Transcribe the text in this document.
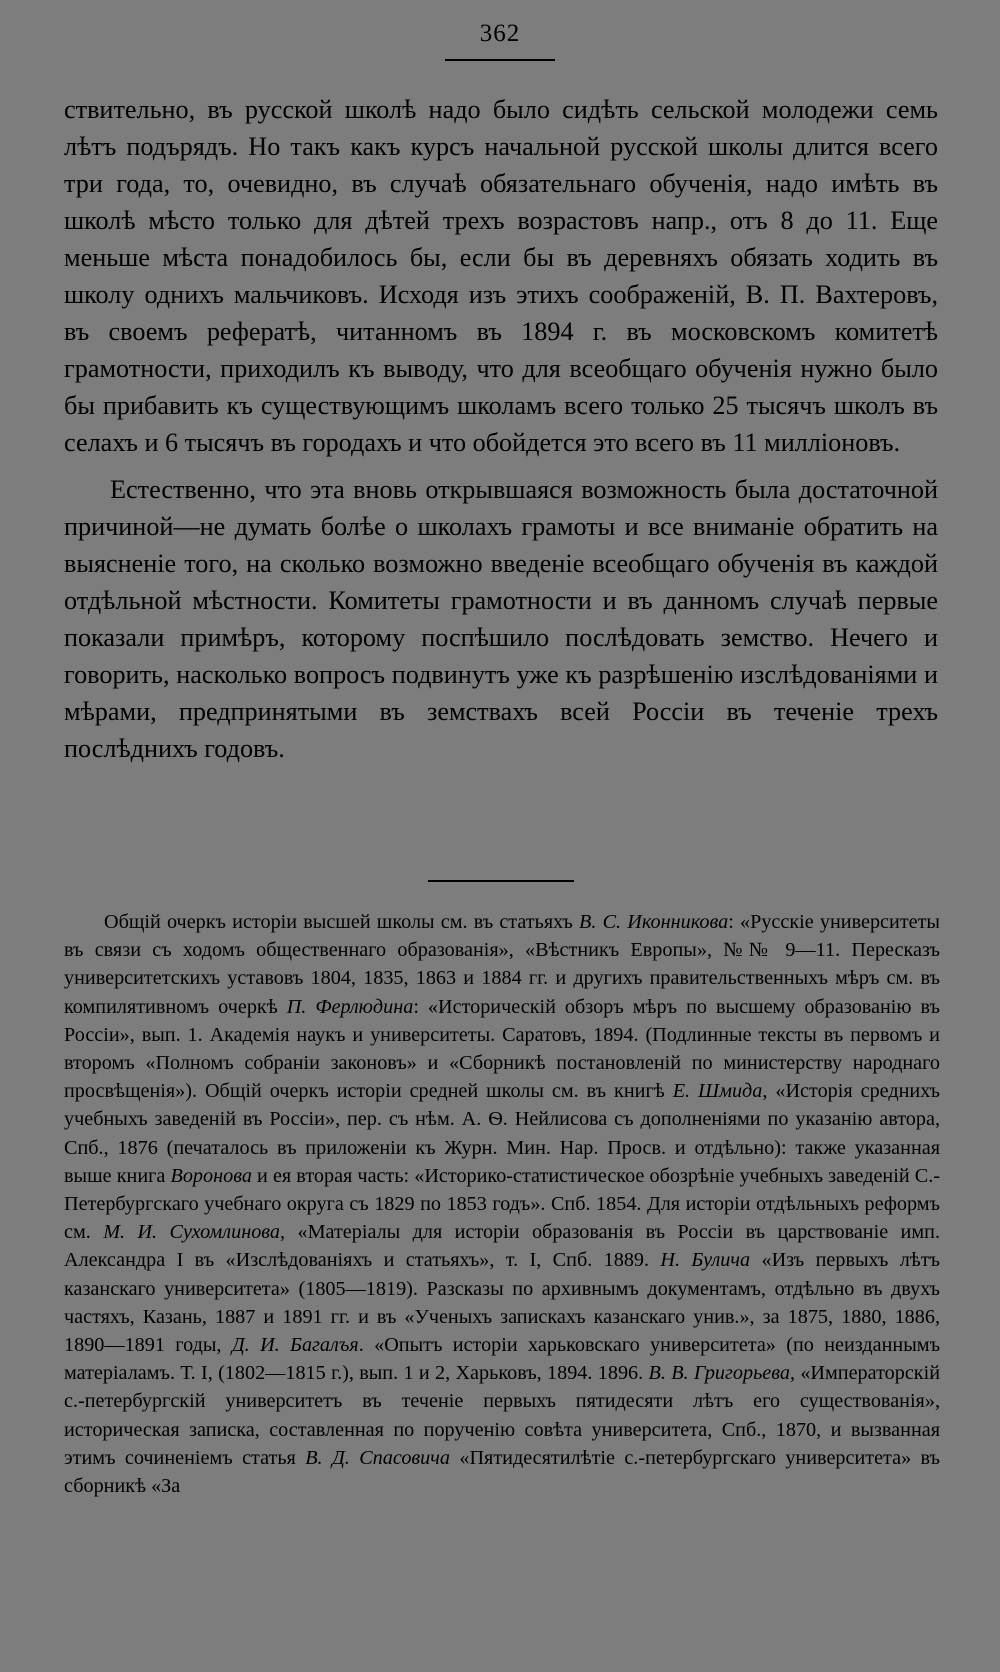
362

ствительно, въ русской школѣ надо было сидѣть сельской молодежи семь лѣтъ подърядъ. Но такъ какъ курсъ начальной русской школы длится всего три года, то, очевидно, въ случаѣ обязательнаго обученія, надо имѣть въ школѣ мѣсто только для дѣтей трехъ возрастовъ напр., отъ 8 до 11. Еще меньше мѣста понадобилось бы, если бы въ деревняхъ обязать ходить въ школу однихъ мальчиковъ. Исходя изъ этихъ соображеній, В. П. Вахтеровъ, въ своемъ рефератѣ, читанномъ въ 1894 г. въ московскомъ комитетѣ грамотности, приходилъ къ выводу, что для всеобщаго обученія нужно было бы прибавить къ существующимъ школамъ всего только 25 тысячъ школъ въ селахъ и 6 тысячъ въ городахъ и что обойдется это всего въ 11 милліоновъ.

Естественно, что эта вновь открывшаяся возможность была достаточной причиной—не думать болѣе о школахъ грамоты и все вниманіе обратить на выясненіе того, на сколько возможно введеніе всеобщаго обученія въ каждой отдѣльной мѣстности. Комитеты грамотности и въ данномъ случаѣ первые показали примѣръ, которому поспѣшило послѣдовать земство. Нечего и говорить, насколько вопросъ подвинутъ уже къ разрѣшенію изслѣдованіями и мѣрами, предпринятыми въ земствахъ всей Россіи въ теченіе трехъ послѣднихъ годовъ.

Общій очеркъ исторіи высшей школы см. въ статьяхъ В. С. Иконникова: «Русскіе университеты въ связи съ ходомъ общественнаго образованія», «Вѣстникъ Европы», №№ 9—11. Пересказъ университетскихъ уставовъ 1804, 1835, 1863 и 1884 гг. и другихъ правительственныхъ мѣръ см. въ компилятивномъ очеркѣ П. Ферлюдина: «Историческій обзоръ мѣръ по высшему образованію въ Россіи», вып. 1. Академія наукъ и университеты. Саратовъ, 1894. (Подлинные тексты въ первомъ и второмъ «Полномъ собраніи законовъ» и «Сборникѣ постановленій по министерству народнаго просвѣщенія»). Общій очеркъ исторіи средней школы см. въ книгѣ Е. Шмида, «Исторія среднихъ учебныхъ заведеній въ Россіи», пер. съ нѣм. А. Ѳ. Нейлисова съ дополненіями по указанію автора, Спб., 1876 (печаталось въ приложеніи къ Журн. Мин. Нар. Просв. и отдѣльно): также указанная выше книга Воронова и ея вторая часть: «Историко-статистическое обозрѣніе учебныхъ заведеній С.-Петербургскаго учебнаго округа съ 1829 по 1853 годъ». Спб. 1854. Для исторіи отдѣльныхъ реформъ см. М. И. Сухомлинова, «Матеріалы для исторіи образованія въ Россіи въ царствованіе имп. Александра I въ «Изслѣдованіяхъ и статьяхъ», т. I, Спб. 1889. Н. Булича «Изъ первыхъ лѣтъ казанскаго университета» (1805—1819). Разсказы по архивнымъ документамъ, отдѣльно въ двухъ частяхъ, Казань, 1887 и 1891 гг. и въ «Ученыхъ запискахъ казанскаго унив.», за 1875, 1880, 1886, 1890—1891 годы, Д. И. Багалъя. «Опытъ исторіи харьковскаго университета» (по неизданнымъ матеріаламъ. Т. I, (1802—1815 г.), вып. 1 и 2, Харьковъ, 1894. 1896. В. В. Григорьева, «Императорскій с.-петербургскій университетъ въ теченіе первыхъ пятидесяти лѣтъ его существованія», историческая записка, составленная по порученію совѣта университета, Спб., 1870, и вызванная этимъ сочиненіемъ статья В. Д. Спасовича «Пятидесятилѣтіе с.-петербургскаго университета» въ сборникѣ «За
